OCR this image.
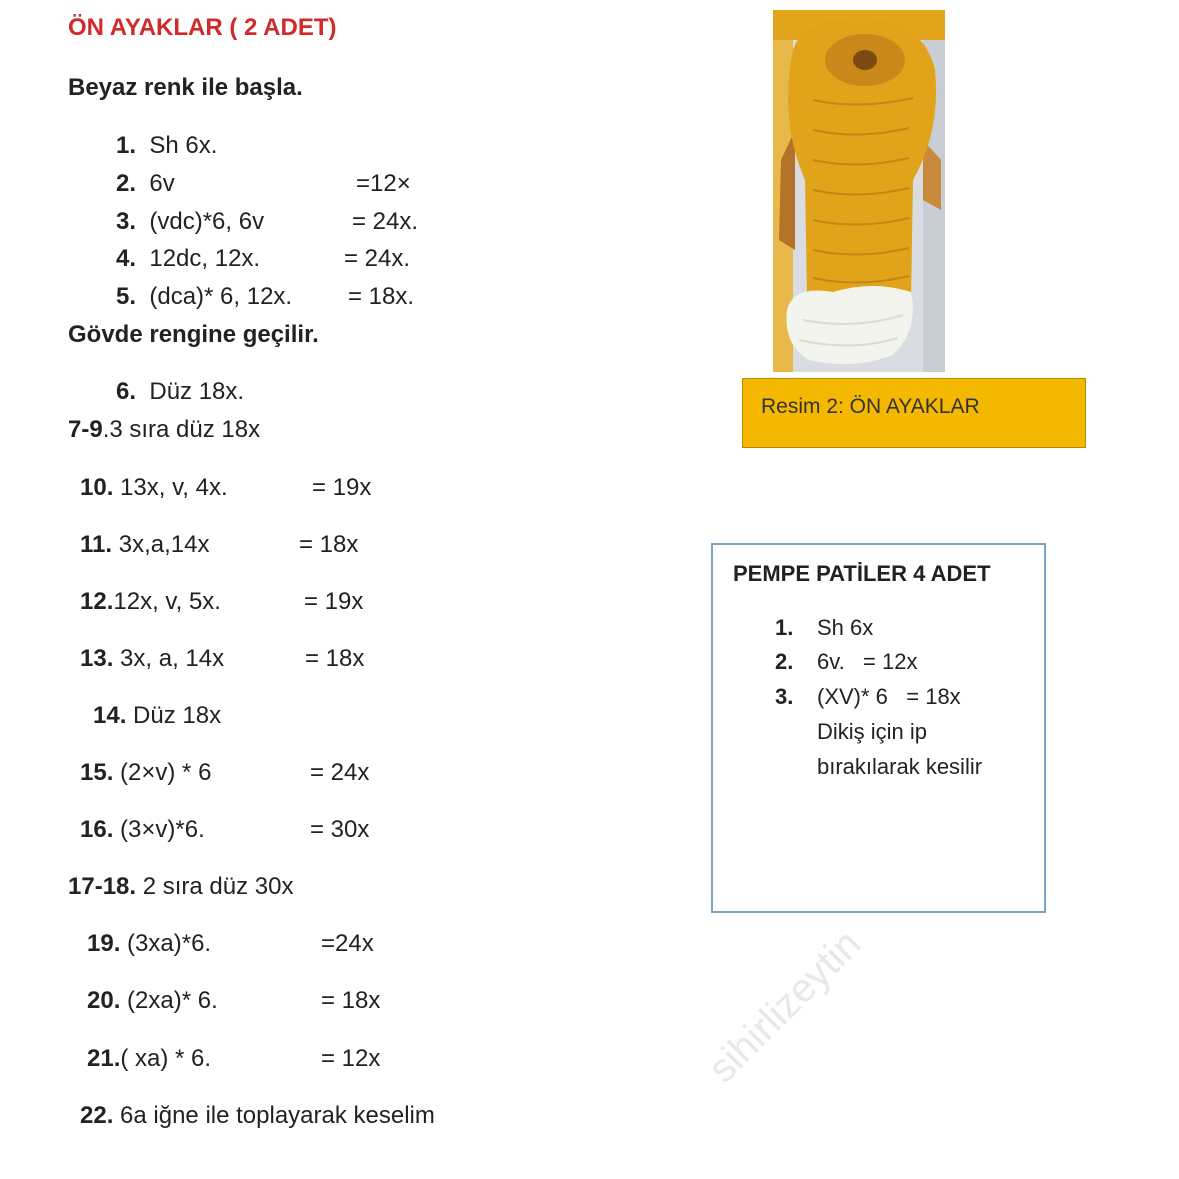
ÖN AYAKLAR ( 2 ADET)
Beyaz renk ile başla.
1. Sh 6x.
2. 6v	=12×
3. (vdc)*6, 6v	= 24x.
4. 12dc, 12x.	= 24x.
5. (dca)* 6, 12x. = 18x.
Gövde rengine geçilir.
6. Düz 18x.
7-9.3 sıra düz 18x
10. 13x, v, 4x.	= 19x
11. 3x,a,14x	= 18x
12.12x, v, 5x.	= 19x
13. 3x, a, 14x	= 18x
14. Düz 18x
15. (2×v) * 6	= 24x
16. (3×v)*6.	= 30x
17-18. 2 sıra düz 30x
19. (3xa)*6.	=24x
20. (2xa)* 6.	= 18x
21.( xa) * 6.	= 12x
22. 6a iğne ile toplayarak keselim
Resim 2: ÖN AYAKLAR
PEMPE PATİLER 4 ADET
1. Sh 6x
2. 6v.   = 12x
3. (XV)* 6   = 18x
Dikiş için ip
bırakılarak kesilir
sihirlizeytin
